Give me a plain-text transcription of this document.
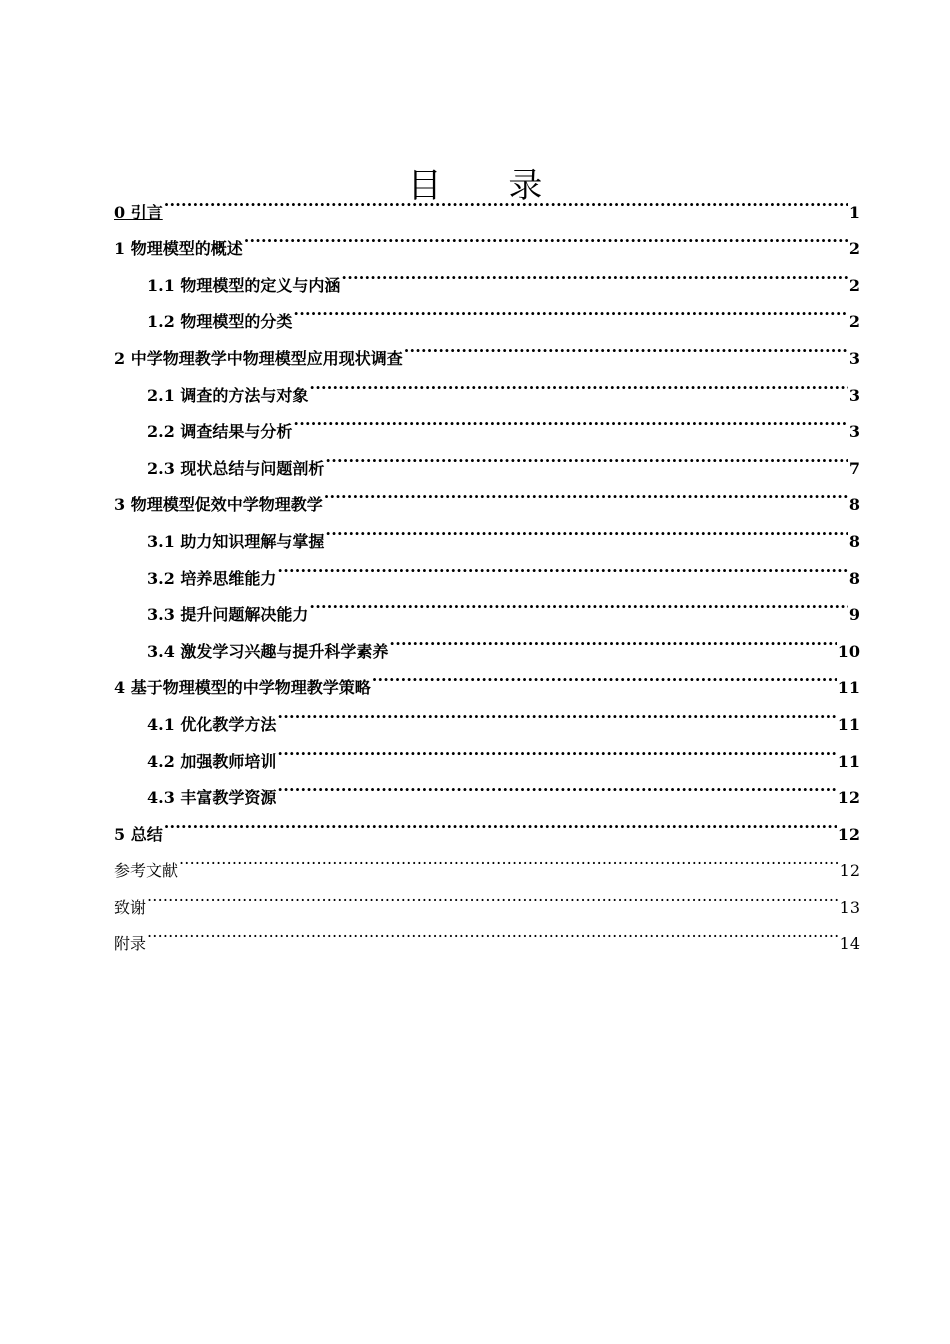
目 录
0 引言 .....	1
1 物理模型的概述 .....	2
1.1 物理模型的定义与内涵 .....	2
1.2 物理模型的分类 .....	2
2 中学物理教学中物理模型应用现状调查 .....	3
2.1 调查的方法与对象 .....	3
2.2 调查结果与分析 .....	3
2.3 现状总结与问题剖析 .....	7
3 物理模型促效中学物理教学 .....	8
3.1 助力知识理解与掌握 .....	8
3.2 培养思维能力 .....	8
3.3 提升问题解决能力 .....	9
3.4 激发学习兴趣与提升科学素养 .....	10
4 基于物理模型的中学物理教学策略 .....	11
4.1 优化教学方法 .....	11
4.2 加强教师培训 .....	11
4.3 丰富教学资源 .....	12
5 总结 .....	12
参考文献 .....	12
致谢 .....	13
附录 .....	14
